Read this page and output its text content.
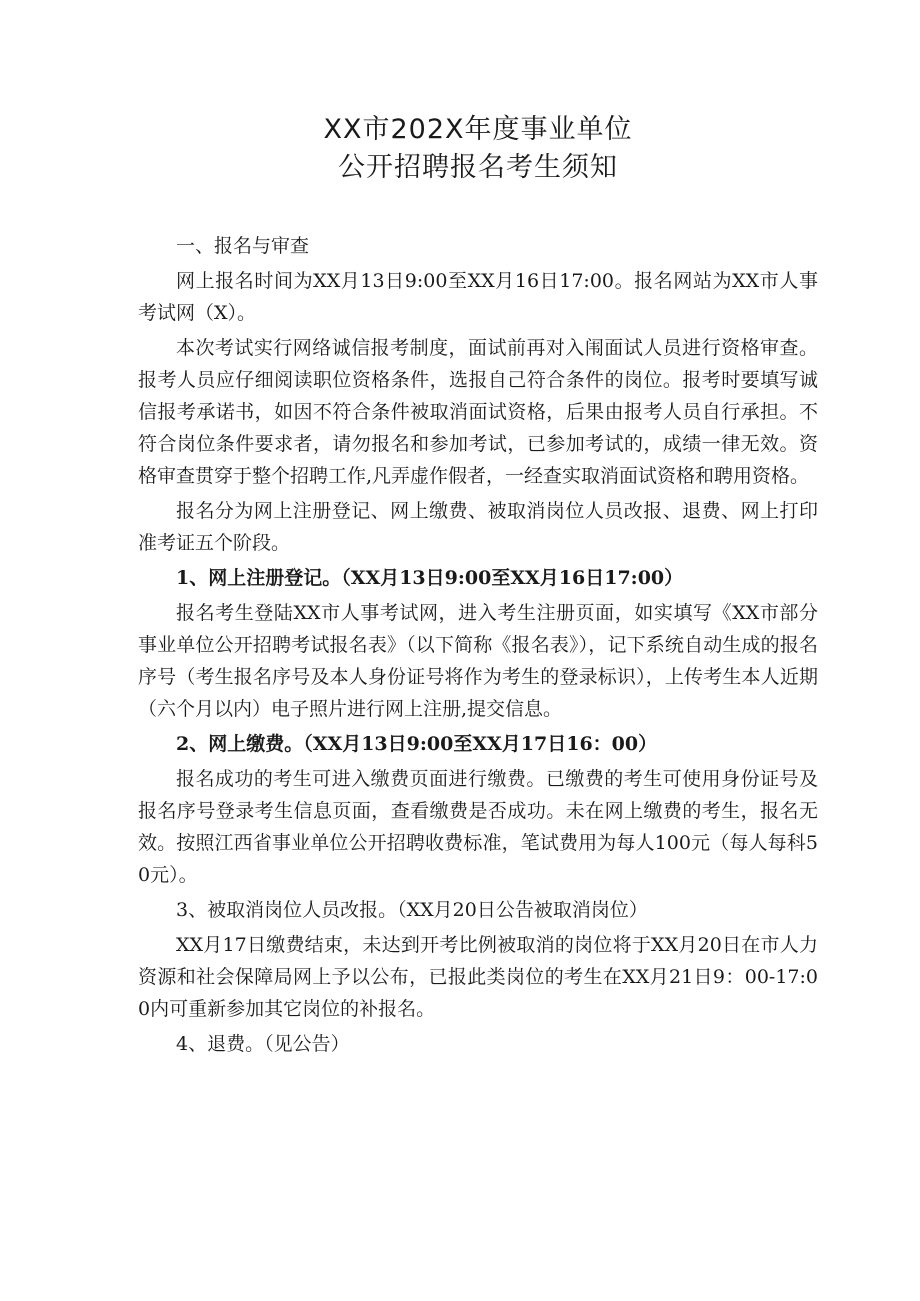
XX市202X年度事业单位
公开招聘报名考生须知

一、报名与审查

网上报名时间为XX月13日9:00至XX月16日17:00。报名网站为XX市人事考试网（X）。

本次考试实行网络诚信报考制度，面试前再对入闱面试人员进行资格审查。报考人员应仔细阅读职位资格条件，选报自己符合条件的岗位。报考时要填写诚信报考承诺书，如因不符合条件被取消面试资格，后果由报考人员自行承担。不符合岗位条件要求者，请勿报名和参加考试，已参加考试的，成绩一律无效。资格审查贯穿于整个招聘工作,凡弄虚作假者，一经查实取消面试资格和聘用资格。

报名分为网上注册登记、网上缴费、被取消岗位人员改报、退费、网上打印准考证五个阶段。

1、网上注册登记。（XX月13日9:00至XX月16日17:00）

报名考生登陆XX市人事考试网，进入考生注册页面，如实填写《XX市部分事业单位公开招聘考试报名表》（以下简称《报名表》），记下系统自动生成的报名序号（考生报名序号及本人身份证号将作为考生的登录标识），上传考生本人近期（六个月以内）电子照片进行网上注册,提交信息。

2、网上缴费。（XX月13日9:00至XX月17日16：00）

报名成功的考生可进入缴费页面进行缴费。已缴费的考生可使用身份证号及报名序号登录考生信息页面，查看缴费是否成功。未在网上缴费的考生，报名无效。按照江西省事业单位公开招聘收费标准，笔试费用为每人100元（每人每科50元）。

3、被取消岗位人员改报。（XX月20日公告被取消岗位）

XX月17日缴费结束，未达到开考比例被取消的岗位将于XX月20日在市人力资源和社会保障局网上予以公布，已报此类岗位的考生在XX月21日9：00-17:00内可重新参加其它岗位的补报名。

4、退费。（见公告）
